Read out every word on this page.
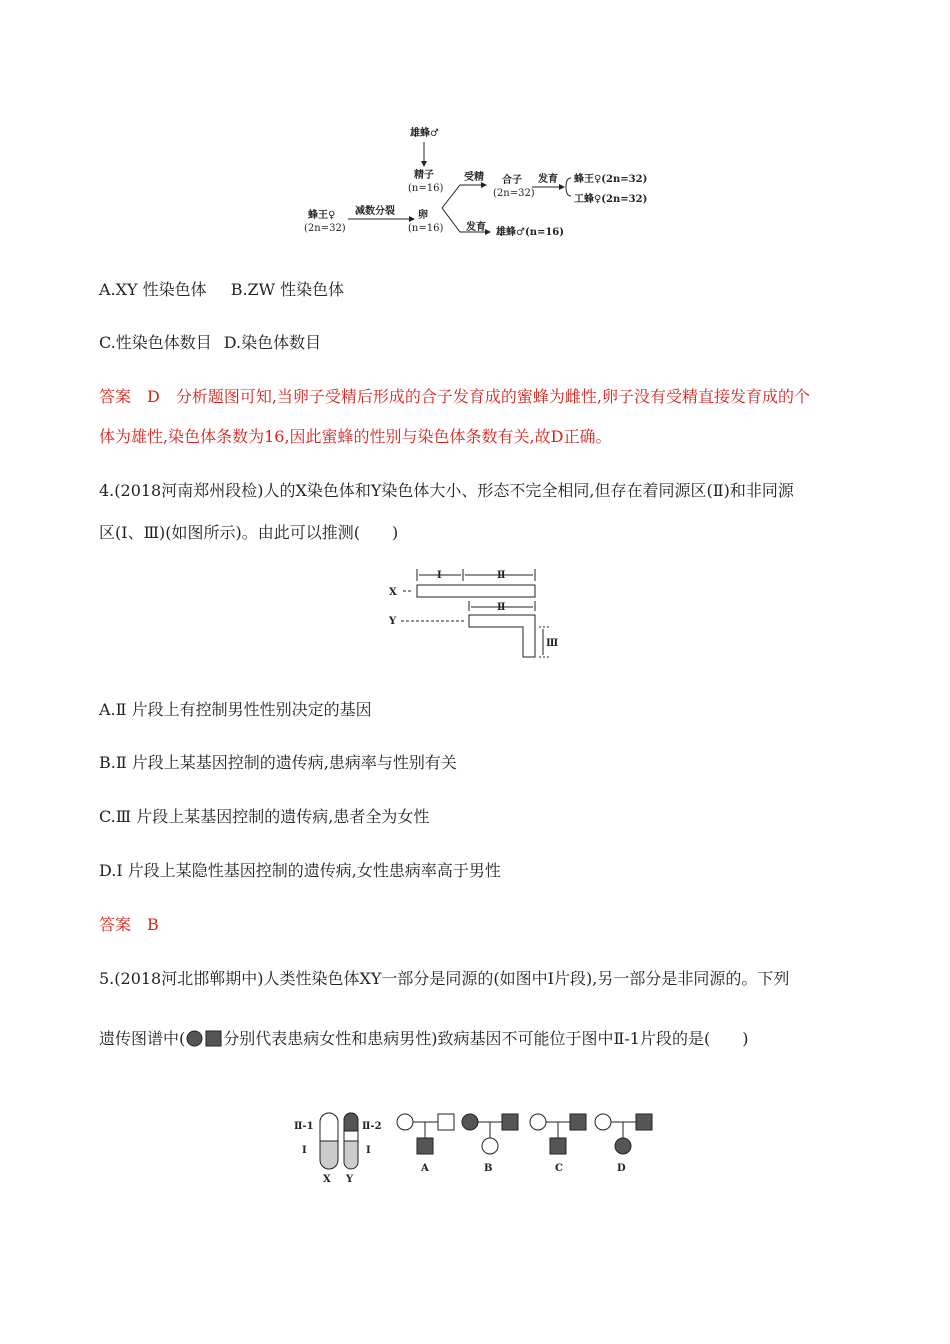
雄蜂♂
精子
(n=16)
蜂王♀
(2n=32)
减数分裂 卵
(n=16)
受精 合子
(2n=32)
发育 蜂王♀(2n=32)
工蜂♀(2n=32)
发育 雄蜂♂(n=16)
A.XY 性染色体 B.ZW 性染色体
C.性染色体数目 D.染色体数目
答案　D　分析题图可知,当卵子受精后形成的合子发育成的蜜蜂为雌性,卵子没有受精直接发育成的个
体为雄性,染色体条数为16,因此蜜蜂的性别与染色体条数有关,故D正确。
4.(2018河南郑州段检)人的X染色体和Y染色体大小、形态不完全相同,但存在着同源区(Ⅱ)和非同源
区(Ⅰ、Ⅲ)(如图所示)。由此可以推测(　　)
X
Ⅰ	Ⅱ
Y
Ⅱ
Ⅲ
A.Ⅱ 片段上有控制男性性别决定的基因
B.Ⅱ 片段上某基因控制的遗传病,患病率与性别有关
C.Ⅲ 片段上某基因控制的遗传病,患者全为女性
D.Ⅰ 片段上某隐性基因控制的遗传病,女性患病率高于男性
答案　B
5.(2018河北邯郸期中)人类性染色体XY一部分是同源的(如图中Ⅰ片段),另一部分是非同源的。下列
遗传图谱中( 分别代表患病女性和患病男性)致病基因不可能位于图中Ⅱ-1片段的是(　　)
Ⅱ-1
Ⅰ
X
Ⅱ-2
Ⅰ
Y
A	B	C	D
